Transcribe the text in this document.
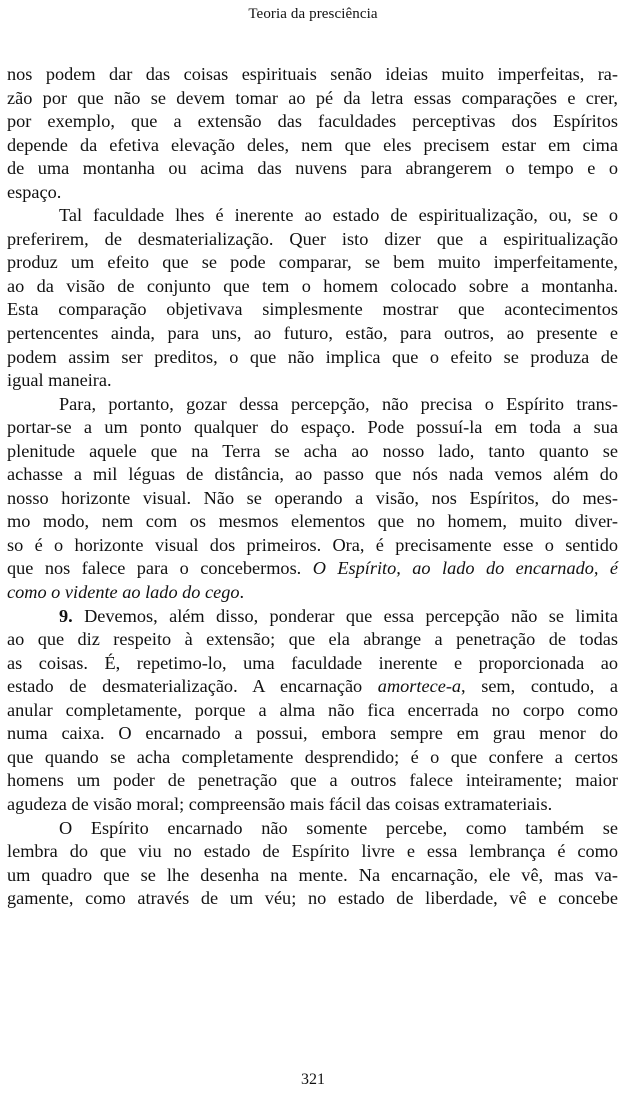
Teoria da presciência

nos podem dar das coisas espirituais senão ideias muito imperfeitas, ra-
zão por que não se devem tomar ao pé da letra essas comparações e crer,
por exemplo, que a extensão das faculdades perceptivas dos Espíritos
depende da efetiva elevação deles, nem que eles precisem estar em cima
de uma montanha ou acima das nuvens para abrangerem o tempo e o
espaço.

Tal faculdade lhes é inerente ao estado de espiritualização, ou, se o
preferirem, de desmaterialização. Quer isto dizer que a espiritualização
produz um efeito que se pode comparar, se bem muito imperfeitamente,
ao da visão de conjunto que tem o homem colocado sobre a montanha.
Esta comparação objetivava simplesmente mostrar que acontecimentos
pertencentes ainda, para uns, ao futuro, estão, para outros, ao presente e
podem assim ser preditos, o que não implica que o efeito se produza de
igual maneira.

Para, portanto, gozar dessa percepção, não precisa o Espírito trans-
portar-se a um ponto qualquer do espaço. Pode possuí-la em toda a sua
plenitude aquele que na Terra se acha ao nosso lado, tanto quanto se
achasse a mil léguas de distância, ao passo que nós nada vemos além do
nosso horizonte visual. Não se operando a visão, nos Espíritos, do mes-
mo modo, nem com os mesmos elementos que no homem, muito diver-
so é o horizonte visual dos primeiros. Ora, é precisamente esse o sentido
que nos falece para o concebermos. O Espírito, ao lado do encarnado, é
como o vidente ao lado do cego.

9. Devemos, além disso, ponderar que essa percepção não se limita
ao que diz respeito à extensão; que ela abrange a penetração de todas
as coisas. É, repetimo-lo, uma faculdade inerente e proporcionada ao
estado de desmaterialização. A encarnação amortece-a, sem, contudo, a
anular completamente, porque a alma não fica encerrada no corpo como
numa caixa. O encarnado a possui, embora sempre em grau menor do
que quando se acha completamente desprendido; é o que confere a certos
homens um poder de penetração que a outros falece inteiramente; maior
agudeza de visão moral; compreensão mais fácil das coisas extramateriais.

O Espírito encarnado não somente percebe, como também se
lembra do que viu no estado de Espírito livre e essa lembrança é como
um quadro que se lhe desenha na mente. Na encarnação, ele vê, mas va-
gamente, como através de um véu; no estado de liberdade, vê e concebe

321
